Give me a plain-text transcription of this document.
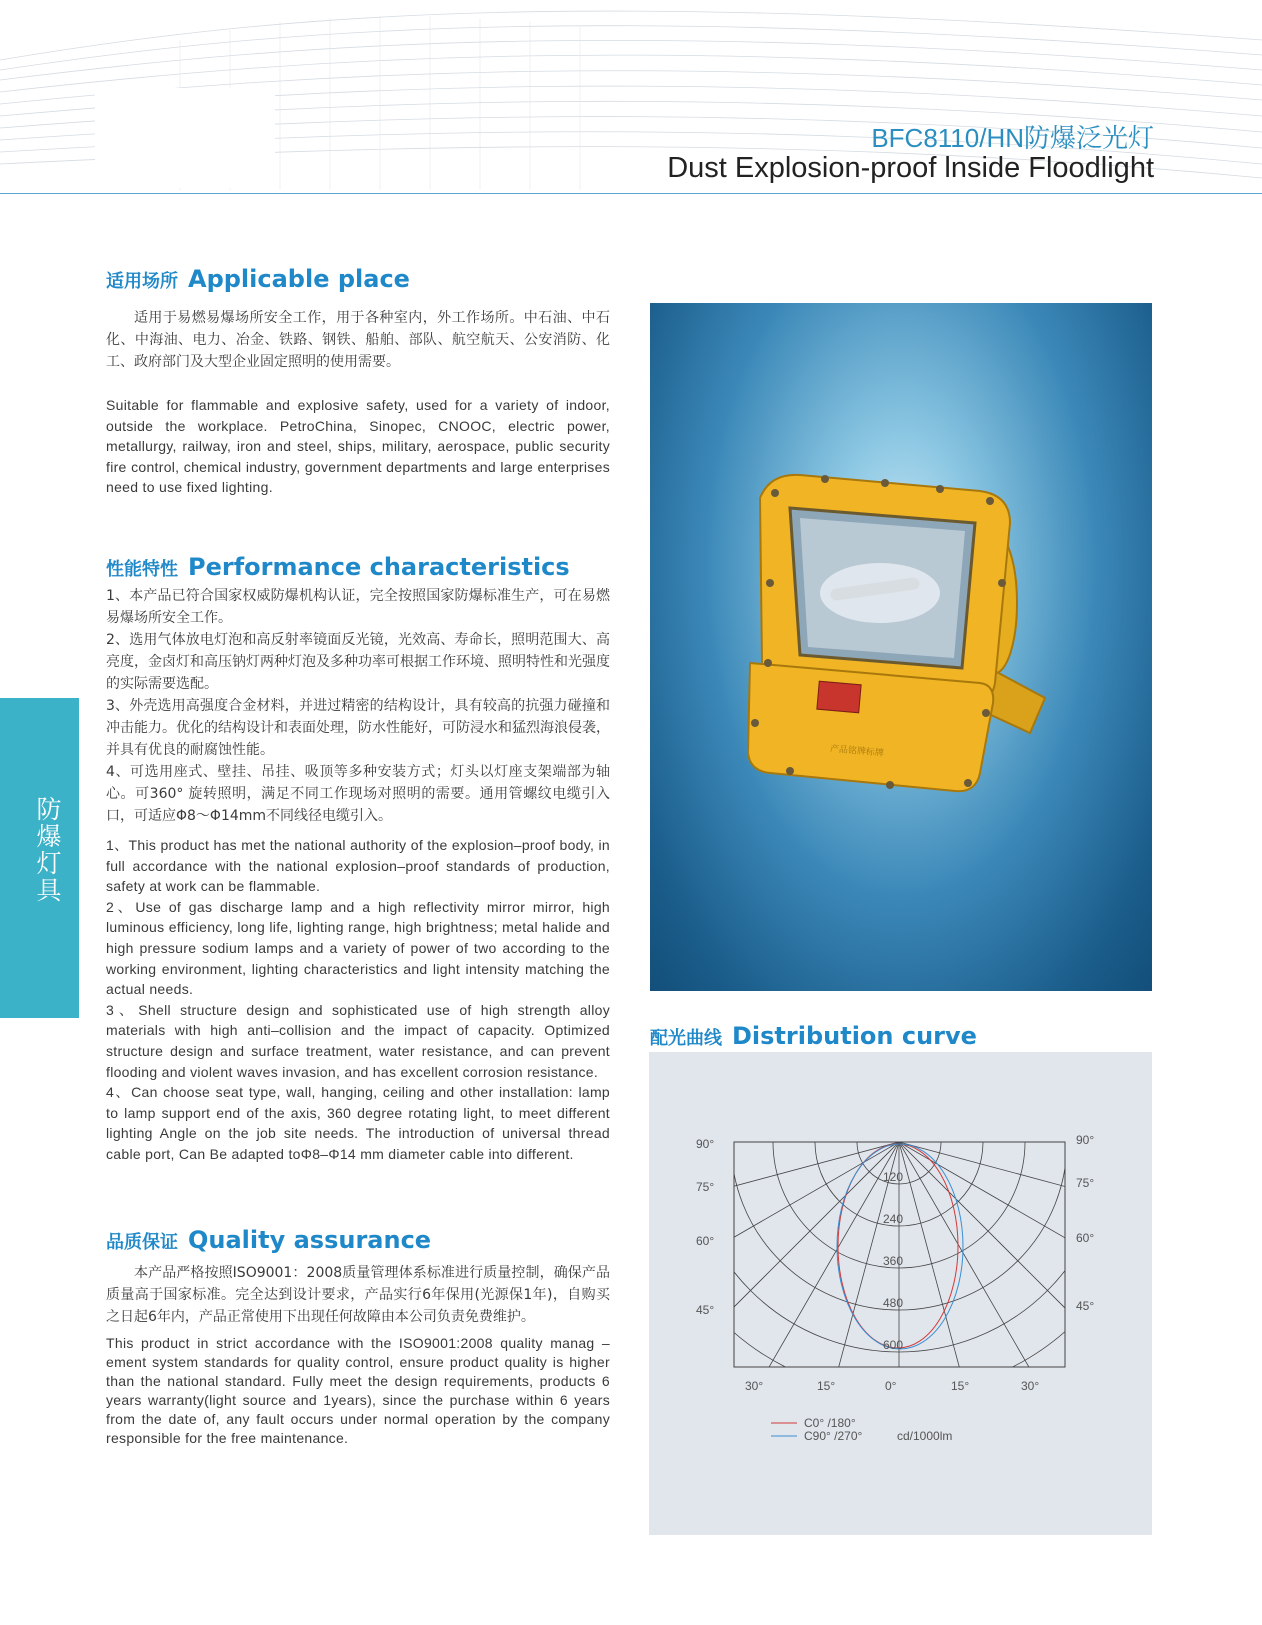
BFC8110/HN防爆泛光灯
Dust Explosion-proof lnside Floodlight
防爆灯具
适用场所 Applicable place

适用于易燃易爆场所安全工作，用于各种室内，外工作场所。中石油、中石化、中海油、电力、冶金、铁路、钢铁、船舶、部队、航空航天、公安消防、化工、政府部门及大型企业固定照明的使用需要。

Suitable for flammable and explosive safety, used for a variety of indoor, outside the workplace. PetroChina, Sinopec, CNOOC, electric power, metallurgy, railway, iron and steel, ships, military, aerospace, public security fire control, chemical industry, government departments and large enterprises need to use fixed lighting.

性能特性 Performance characteristics

1、本产品已符合国家权威防爆机构认证，完全按照国家防爆标准生产，可在易燃易爆场所安全工作。

2、选用气体放电灯泡和高反射率镜面反光镜，光效高、寿命长，照明范围大、高亮度，金卤灯和高压钠灯两种灯泡及多种功率可根据工作环境、照明特性和光强度的实际需要选配。

3、外壳选用高强度合金材料，并进过精密的结构设计，具有较高的抗强力碰撞和冲击能力。优化的结构设计和表面处理，防水性能好，可防浸水和猛烈海浪侵袭，并具有优良的耐腐蚀性能。

4、可选用座式、壁挂、吊挂、吸顶等多种安装方式；灯头以灯座支架端部为轴心。可360° 旋转照明，满足不同工作现场对照明的需要。通用管螺纹电缆引入口，可适应Φ8～Φ14mm不同线径电缆引入。

1、This product has met the national authority of the explosion–proof body, in full accordance with the national explosion–proof standards of production, safety at work can be flammable.

2、Use of gas discharge lamp and a high reflectivity mirror mirror, high luminous efficiency, long life, lighting range, high brightness; metal halide and high pressure sodium lamps and a variety of power of two according to the working environment, lighting characteristics and light intensity matching the actual needs.

3、Shell structure design and sophisticated use of high strength alloy materials with high anti–collision and the impact of capacity. Optimized structure design and surface treatment, water resistance, and can prevent flooding and violent waves invasion, and has excellent corrosion resistance.

4、Can choose seat type, wall, hanging, ceiling and other installation: lamp to lamp support end of the axis, 360 degree rotating light, to meet different lighting Angle on the job site needs. The introduction of universal thread cable port, Can Be adapted toΦ8–Φ14 mm diameter cable into different.

品质保证 Quality assurance

本产品严格按照ISO9001：2008质量管理体系标准进行质量控制，确保产品质量高于国家标准。完全达到设计要求，产品实行6年保用(光源保1年)，自购买之日起6年内，产品正常使用下出现任何故障由本公司负责免费维护。

This product in strict accordance with the ISO9001:2008 quality manag –ement system standards for quality control, ensure product quality is higher than the national standard. Fully meet the design requirements, products 6 years warranty(light source and 1years), since the purchase within 6 years from the date of, any fault occurs under normal operation by the company responsible for the free maintenance.

产品铭牌标牌
配光曲线 Distribution curve
90°
75°
60°
45°
90°
75°
60°
45°
30°	15°	0°	15°	30°
120
240
360
480
600
C0° /180°
C90° /270°	cd/1000lm
